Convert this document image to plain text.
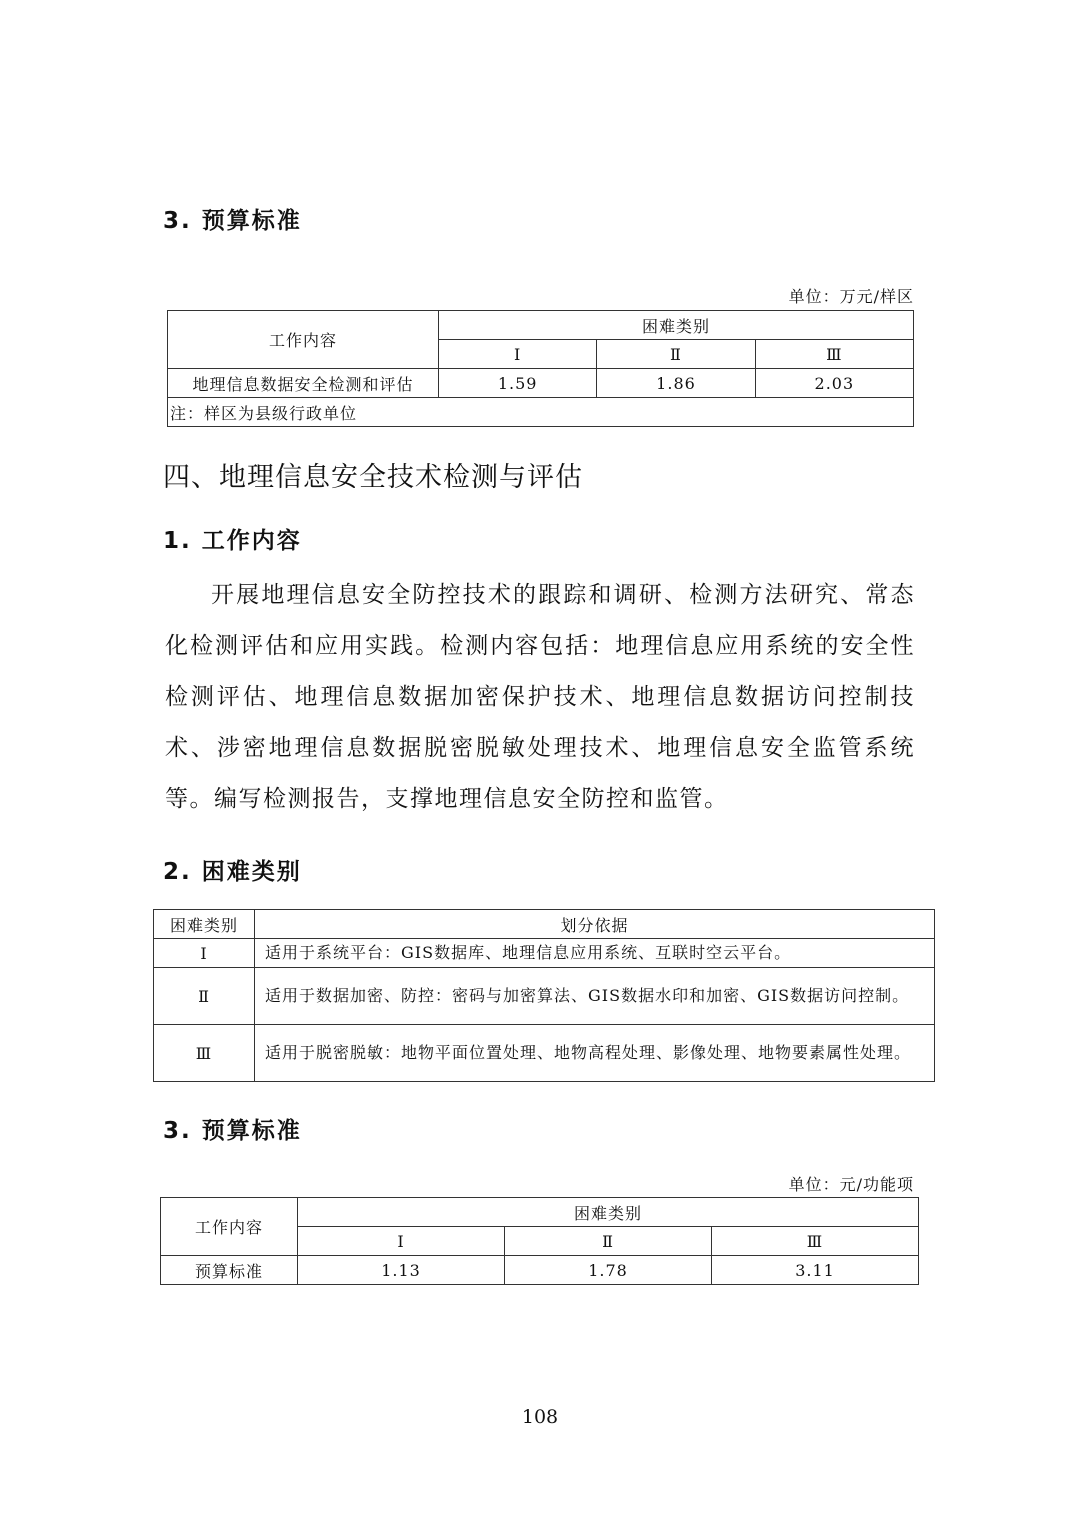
3. 预算标准
单位：万元/样区
工作内容	困难类别		
	Ⅰ	Ⅱ	Ⅲ
地理信息数据安全检测和评估	1.59	1.86	2.03
注：样区为县级行政单位			
四、地理信息安全技术检测与评估
1. 工作内容

开展地理信息安全防控技术的跟踪和调研、检测方法研究、常态化检测评估和应用实践。检测内容包括：地理信息应用系统的安全性检测评估、地理信息数据加密保护技术、地理信息数据访问控制技术、涉密地理信息数据脱密脱敏处理技术、地理信息安全监管系统等。编写检测报告，支撑地理信息安全防控和监管。

2. 困难类别
困难类别	划分依据
Ⅰ	适用于系统平台：GIS数据库、地理信息应用系统、互联时空云平台。
Ⅱ	适用于数据加密、防控：密码与加密算法、GIS数据水印和加密、GIS数据访问控制。
Ⅲ	适用于脱密脱敏：地物平面位置处理、地物高程处理、影像处理、地物要素属性处理。
3. 预算标准
单位：元/功能项
工作内容	困难类别		
	Ⅰ	Ⅱ	Ⅲ
预算标准	1.13	1.78	3.11
108
